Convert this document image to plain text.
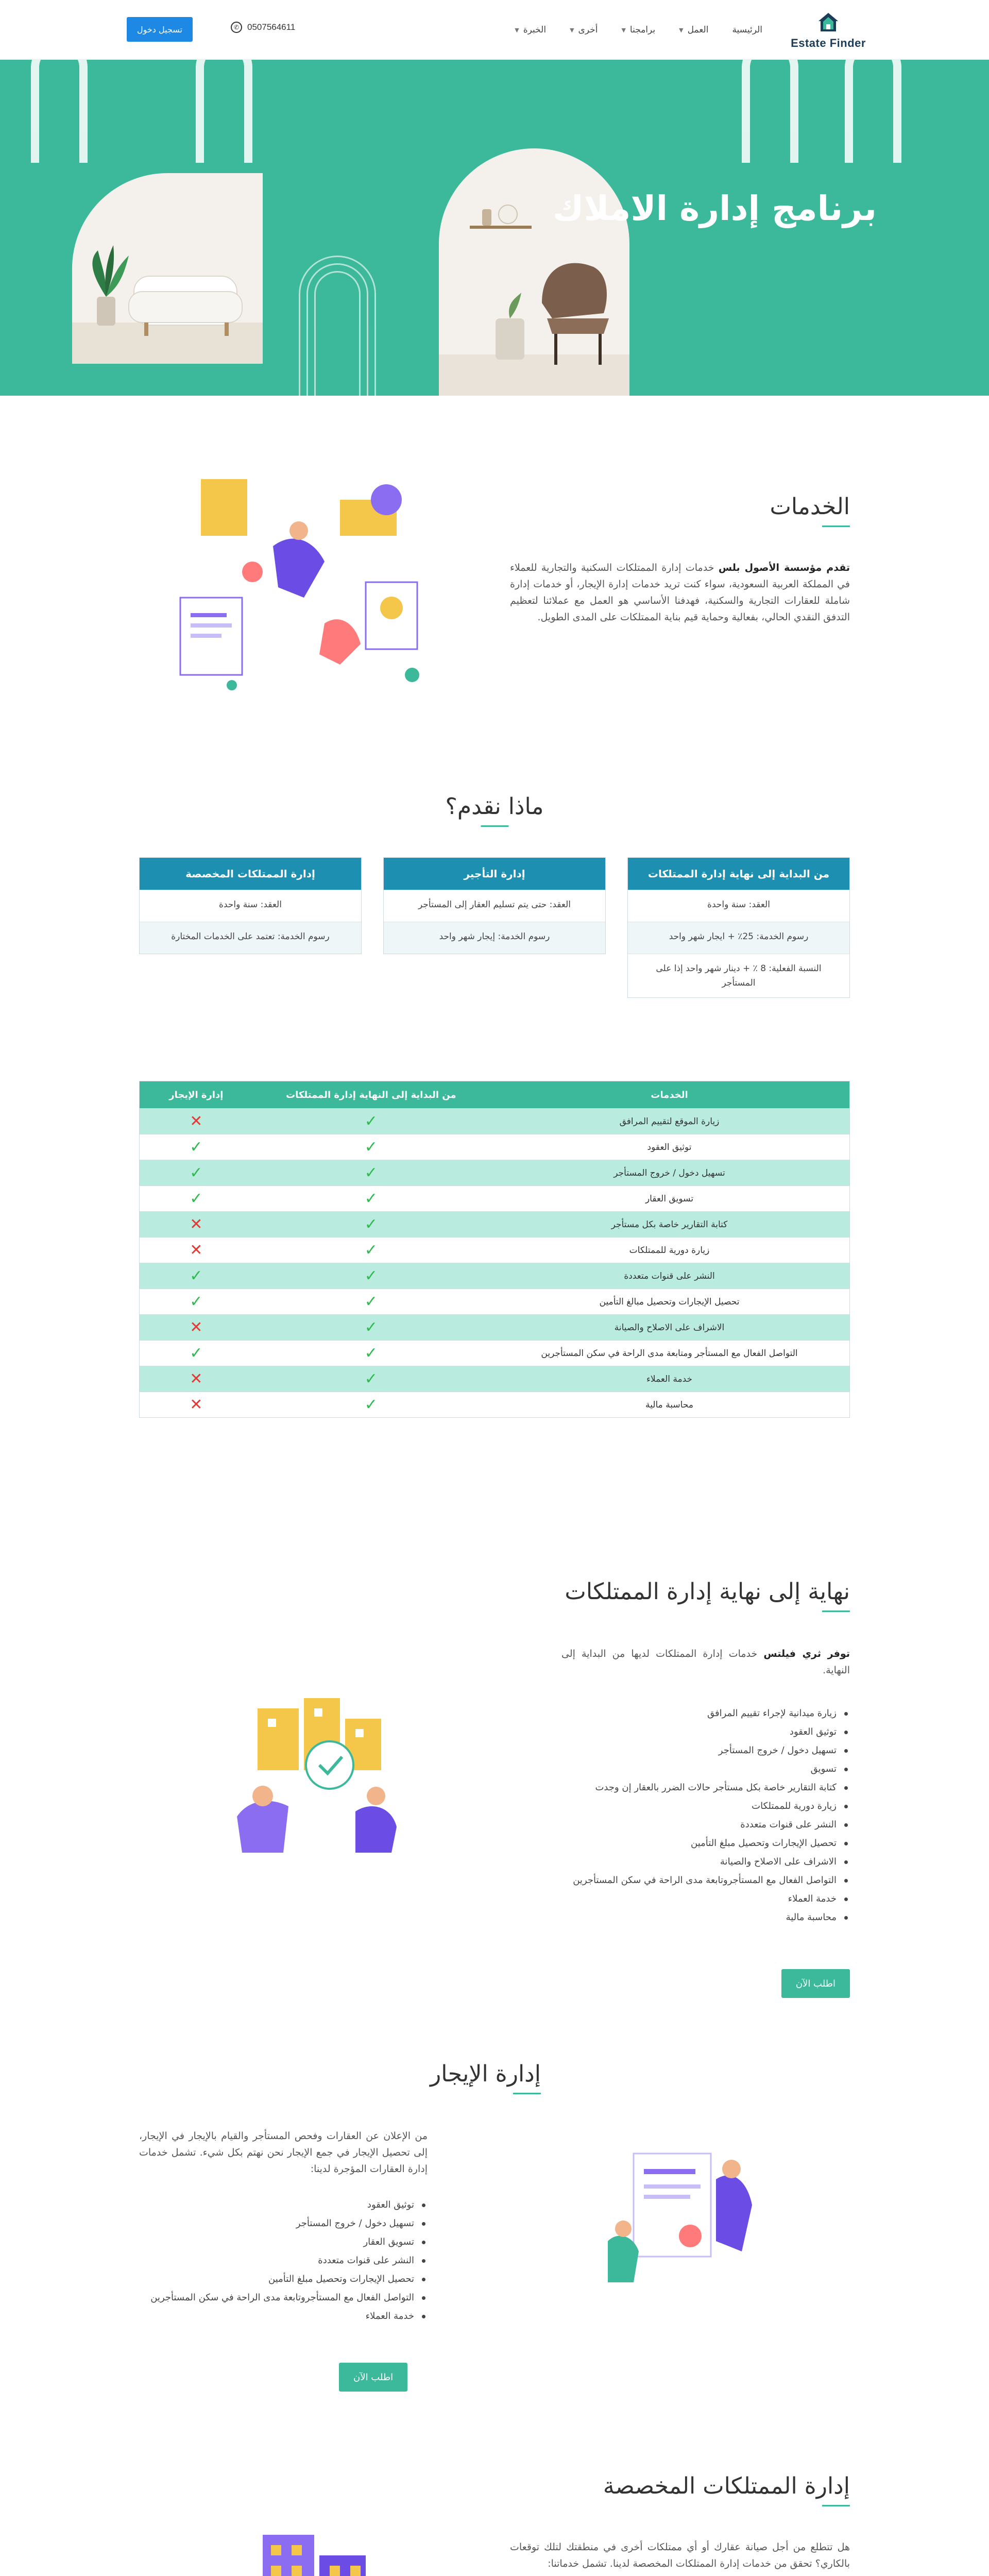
Estate Finder
الرئيسية
العمل
▼
برامجنا
▼
أخرى
▼
الخبرة
▼
✆ 0507564611
تسجيل دخول
برنامج إدارة الاملاك
الخدمات

تقدم مؤسسة الأصول بلس خدمات إدارة الممتلكات السكنية والتجارية للعملاء في المملكة العربية السعودية، سواء كنت تريد خدمات إدارة الإيجار، أو خدمات إدارة شاملة للعقارات التجارية والسكنية، فهدفنا الأساسي هو العمل مع عملائنا لتعظيم التدفق النقدي الحالي، بفعالية وحماية قيم بناية الممتلكات على المدى الطويل.

ماذا نقدم؟
من البداية إلى نهاية إدارة الممتلكات
العقد: سنة واحدة
رسوم الخدمة: 25٪ + ايجار شهر واحد
النسبة الفعلية: 8 ٪ + دينار شهر واحد إذا على المستأجر
إدارة التأجير
العقد: حتى يتم تسليم العقار إلى المستأجر
رسوم الخدمة: إيجار شهر واحد
إدارة الممتلكات المخصصة
العقد: سنة واحدة
رسوم الخدمة: تعتمد على الخدمات المختارة
الخدمات
من البداية إلى النهاية إدارة الممتلكات
إدارة الإيجار
زيارة الموقع لتقييم المرافق
✓
✕
توثيق العقود
✓
✓
تسهيل دخول / خروج المستأجر
✓
✓
تسويق العقار
✓
✓
كتابة التقارير خاصة بكل مستأجر
✓
✕
زيارة دورية للممتلكات
✓
✕
النشر على قنوات متعددة
✓
✓
تحصيل الإيجارات وتحصيل مبالغ التأمين
✓
✓
الاشراف على الاصلاح والصيانة
✓
✕
التواصل الفعال مع المستأجر ومتابعة مدى الراحة في سكن المستأجرين
✓
✓
خدمة العملاء
✓
✕
محاسبة مالية
✓
✕
نهاية إلى نهاية إدارة الممتلكات

توفر ثري فيلتس خدمات إدارة الممتلكات لديها من البداية إلى النهاية.

زيارة ميدانية لإجراء تقييم المرافق
توثيق العقود
تسهيل دخول / خروج المستأجر
تسويق
كتابة التقارير خاصة بكل مستأجر حالات الضرر بالعقار إن وجدت
زيارة دورية للممتلكات
النشر على قنوات متعددة
تحصيل الإيجارات وتحصيل مبلغ التأمين
الاشراف على الاصلاح والصيانة
التواصل الفعال مع المستأجروتابعة مدى الراحة في سكن المستأجرين
خدمة العملاء
محاسبة مالية
اطلب الآن
إدارة الإيجار

من الإعلان عن العقارات وفحص المستأجر والقيام بالإيجار في الإيجار، إلى تحصيل الإيجار في جمع الإيجار نحن نهتم بكل شيء. تشمل خدمات إدارة العقارات المؤجرة لدينا:

توثيق العقود
تسهيل دخول / خروج المستأجر
تسويق العقار
النشر على قنوات متعددة
تحصيل الإيجارات وتحصيل مبلغ التأمين
التواصل الفعال مع المستأجروتابعة مدى الراحة في سكن المستأجرين
خدمة العملاء
اطلب الآن
إدارة الممتلكات المخصصة

هل تتطلع من أجل صيانة عقارك أو أي ممتلكات أخرى في منطقتك لتلك توقعات بالكاري؟ تحقق من خدمات إدارة الممتلكات المخصصة لدينا. تشمل خدماتنا:
